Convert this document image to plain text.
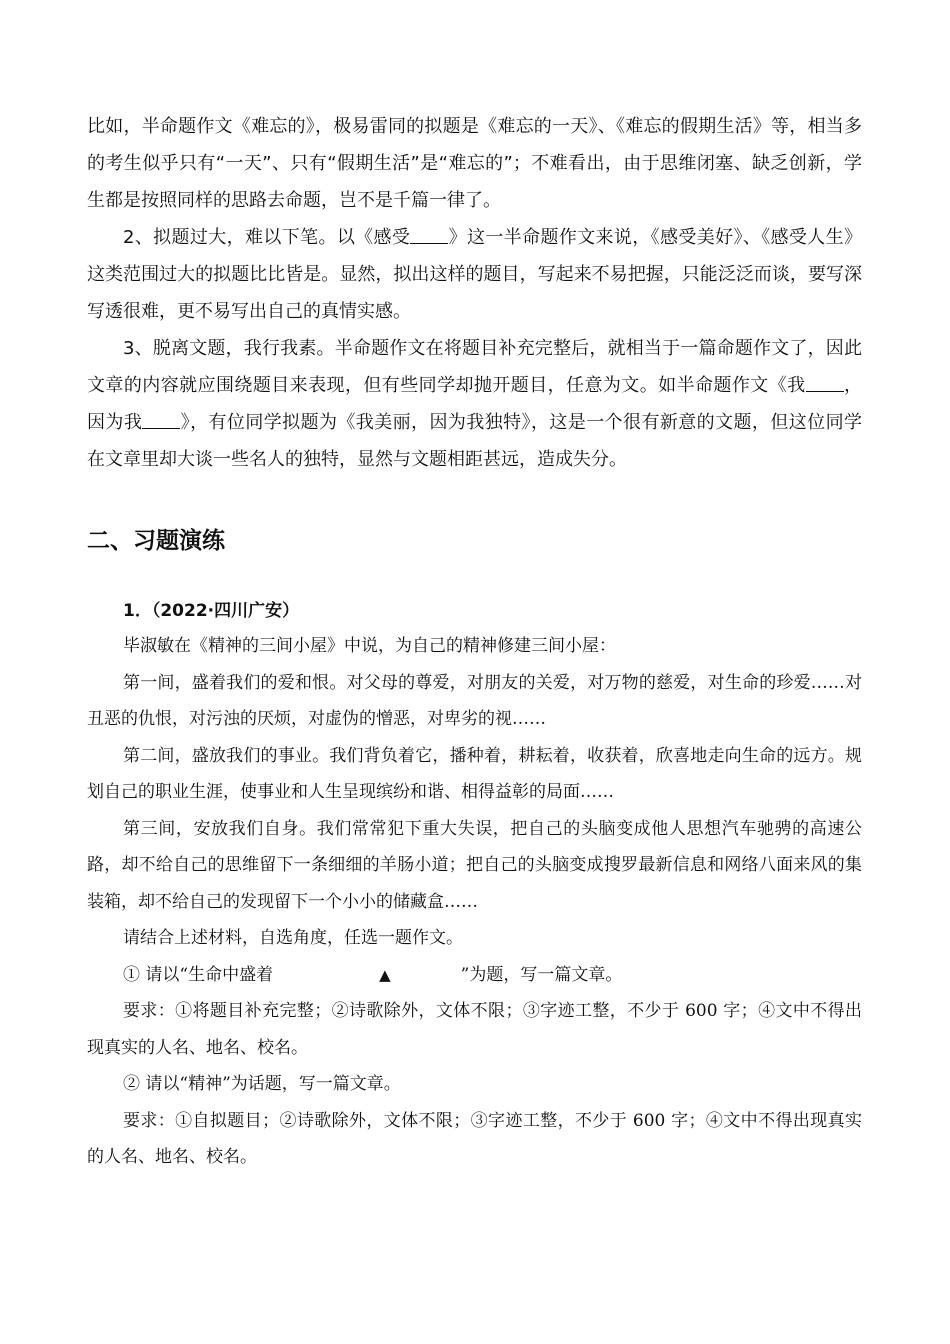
比如，半命题作文《难忘的》，极易雷同的拟题是《难忘的一天》、《难忘的假期生活》等，相当多的考生似乎只有“一天”、只有“假期生活”是“难忘的”；不难看出，由于思维闭塞、缺乏创新，学生都是按照同样的思路去命题，岂不是千篇一律了。

2、拟题过大，难以下笔。以《感受 》这一半命题作文来说，《感受美好》、《感受人生》这类范围过大的拟题比比皆是。显然，拟出这样的题目，写起来不易把握，只能泛泛而谈，要写深写透很难，更不易写出自己的真情实感。

3、脱离文题，我行我素。半命题作文在将题目补充完整后，就相当于一篇命题作文了，因此文章的内容就应围绕题目来表现，但有些同学却抛开题目，任意为文。如半命题作文《我 ，因为我 》，有位同学拟题为《我美丽，因为我独特》，这是一个很有新意的文题，但这位同学在文章里却大谈一些名人的独特，显然与文题相距甚远，造成失分。

二、习题演练

1．（2022·四川广安）

毕淑敏在《精神的三间小屋》中说，为自己的精神修建三间小屋：

第一间，盛着我们的爱和恨。对父母的尊爱，对朋友的关爱，对万物的慈爱，对生命的珍爱……对丑恶的仇恨，对污浊的厌烦，对虚伪的憎恶，对卑劣的视……

第二间，盛放我们的事业。我们背负着它，播种着，耕耘着，收获着，欣喜地走向生命的远方。规划自己的职业生涯，使事业和人生呈现缤纷和谐、相得益彰的局面……

第三间，安放我们自身。我们常常犯下重大失误，把自己的头脑变成他人思想汽车驰骋的高速公路，却不给自己的思维留下一条细细的羊肠小道；把自己的头脑变成搜罗最新信息和网络八面来风的集装箱，却不给自己的发现留下一个小小的储藏盒……

请结合上述材料，自选角度，任选一题作文。

① 请以“生命中盛着	▲	”为题，写一篇文章。

要求：①将题目补充完整；②诗歌除外，文体不限；③字迹工整，不少于 600 字；④文中不得出现真实的人名、地名、校名。

② 请以“精神”为话题，写一篇文章。

要求：①自拟题目；②诗歌除外，文体不限；③字迹工整，不少于 600 字；④文中不得出现真实的人名、地名、校名。
